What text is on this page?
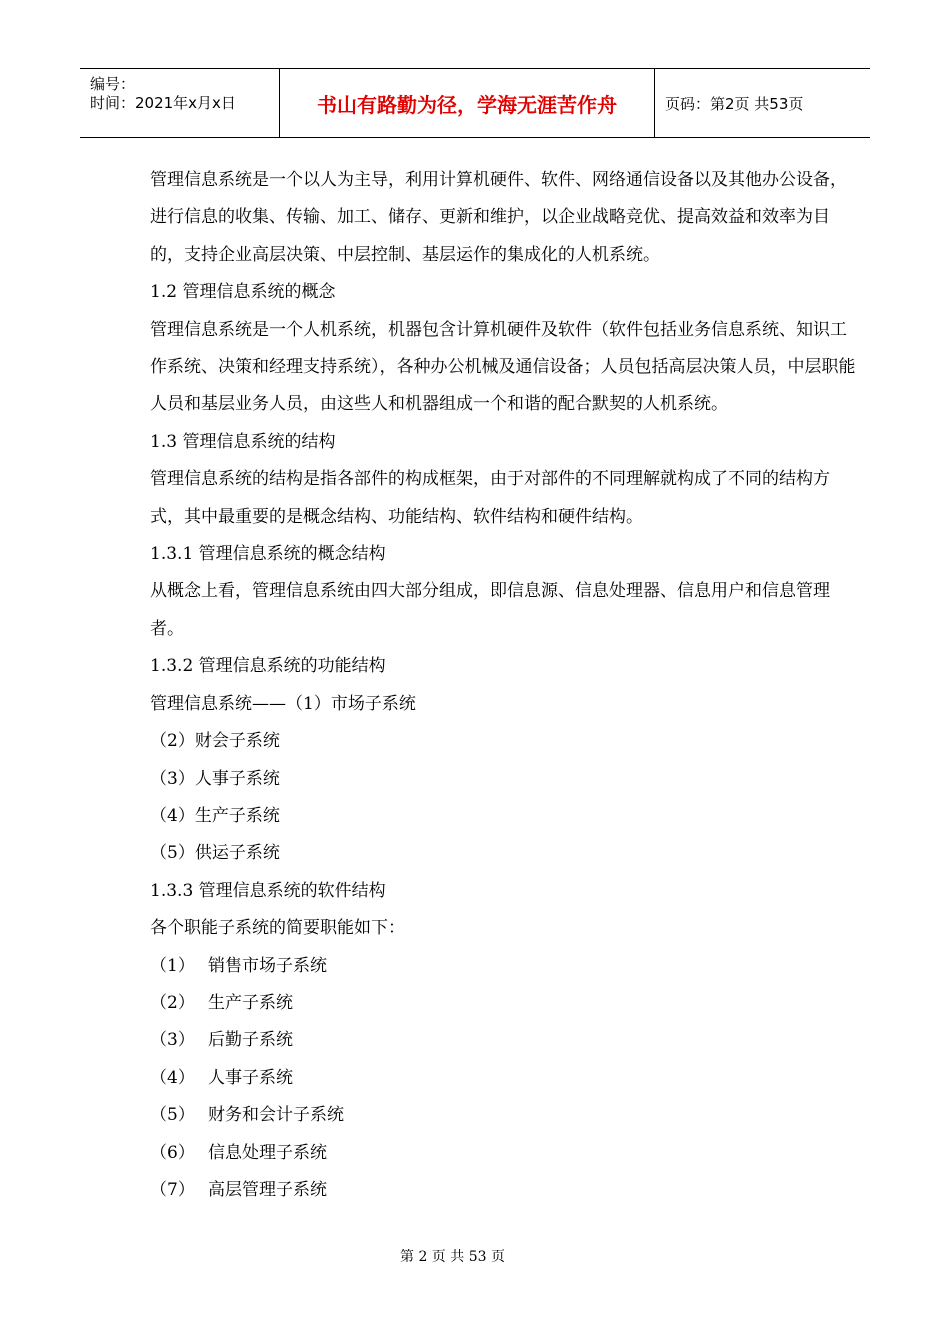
编号：
时间：2021年x月x日	书山有路勤为径，学海无涯苦作舟	页码：第2页 共53页

管理信息系统是一个以人为主导，利用计算机硬件、软件、网络通信设备以及其他办公设备，进行信息的收集、传输、加工、储存、更新和维护，以企业战略竞优、提高效益和效率为目的，支持企业高层决策、中层控制、基层运作的集成化的人机系统。

1.2 管理信息系统的概念

管理信息系统是一个人机系统，机器包含计算机硬件及软件（软件包括业务信息系统、知识工作系统、决策和经理支持系统），各种办公机械及通信设备；人员包括高层决策人员，中层职能人员和基层业务人员，由这些人和机器组成一个和谐的配合默契的人机系统。

1.3 管理信息系统的结构

管理信息系统的结构是指各部件的构成框架，由于对部件的不同理解就构成了不同的结构方式，其中最重要的是概念结构、功能结构、软件结构和硬件结构。

1.3.1 管理信息系统的概念结构

从概念上看，管理信息系统由四大部分组成，即信息源、信息处理器、信息用户和信息管理者。

1.3.2 管理信息系统的功能结构

管理信息系统——（1）市场子系统

（2）财会子系统

（3）人事子系统

（4）生产子系统

（5）供运子系统

1.3.3 管理信息系统的软件结构

各个职能子系统的简要职能如下：

（1） 销售市场子系统
（2） 生产子系统
（3） 后勤子系统
（4） 人事子系统
（5） 财务和会计子系统
（6） 信息处理子系统
（7） 高层管理子系统
第 2 页 共 53 页
